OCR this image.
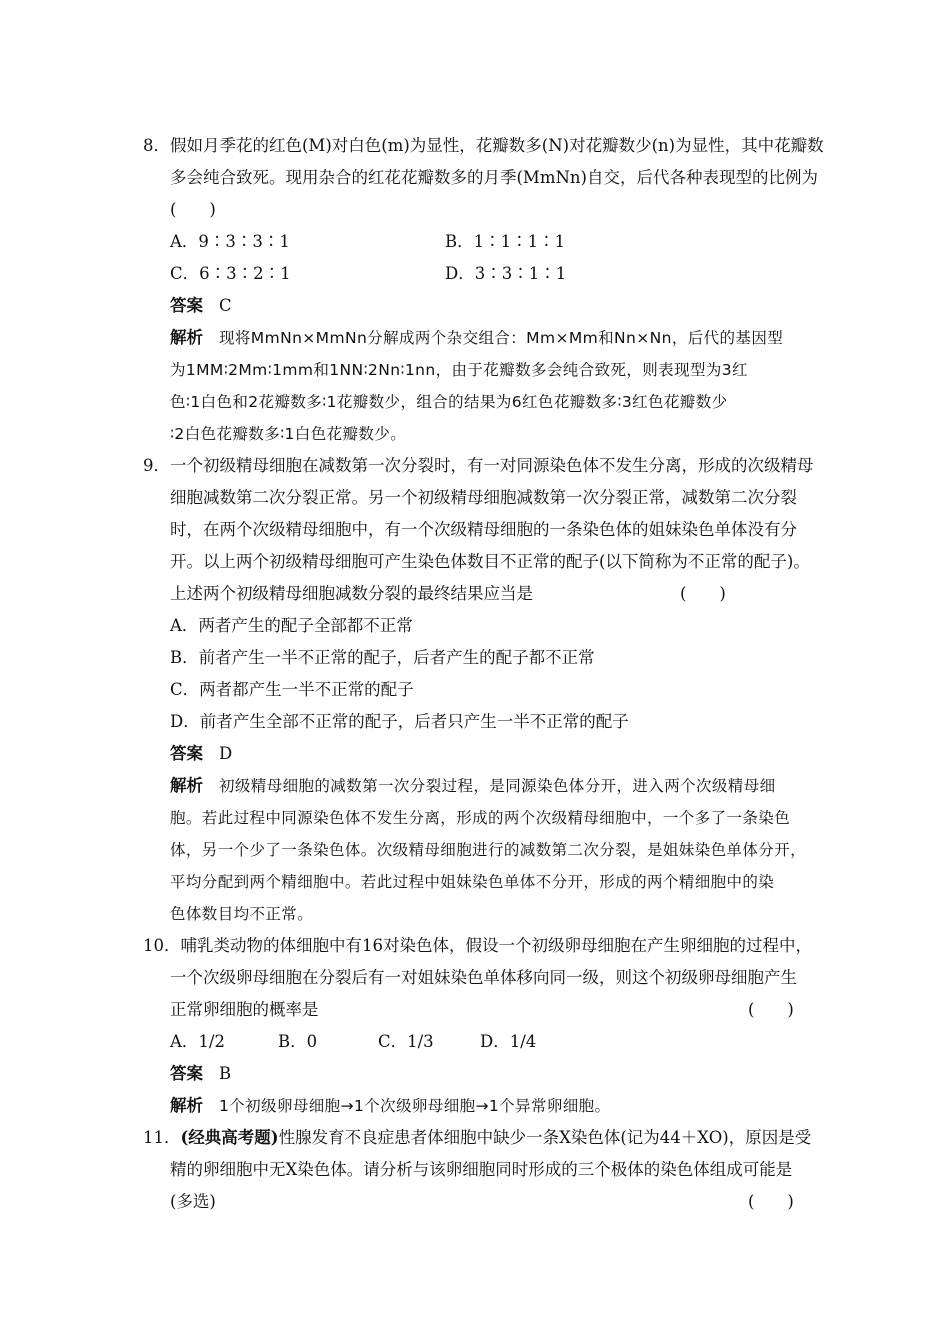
8．假如月季花的红色(M)对白色(m)为显性，花瓣数多(N)对花瓣数少(n)为显性，其中花瓣数
多会纯合致死。现用杂合的红花花瓣数多的月季(MmNn)自交，后代各种表现型的比例为
(　　)
A．9∶3∶3∶1	B．1∶1∶1∶1
C．6∶3∶2∶1	D．3∶3∶1∶1
答案 C
解析 现将MmNn×MmNn分解成两个杂交组合：Mm×Mm和Nn×Nn，后代的基因型
为1MM∶2Mm∶1mm和1NN∶2Nn∶1nn，由于花瓣数多会纯合致死，则表现型为3红
色∶1白色和2花瓣数多∶1花瓣数少，组合的结果为6红色花瓣数多∶3红色花瓣数少
∶2白色花瓣数多∶1白色花瓣数少。
9．一个初级精母细胞在减数第一次分裂时，有一对同源染色体不发生分离，形成的次级精母
细胞减数第二次分裂正常。另一个初级精母细胞减数第一次分裂正常，减数第二次分裂
时，在两个次级精母细胞中，有一个次级精母细胞的一条染色体的姐妹染色单体没有分
开。以上两个初级精母细胞可产生染色体数目不正常的配子(以下简称为不正常的配子)。
上述两个初级精母细胞减数分裂的最终结果应当是	(　　)
A．两者产生的配子全部都不正常
B．前者产生一半不正常的配子，后者产生的配子都不正常
C．两者都产生一半不正常的配子
D．前者产生全部不正常的配子，后者只产生一半不正常的配子
答案 D
解析 初级精母细胞的减数第一次分裂过程，是同源染色体分开，进入两个次级精母细
胞。若此过程中同源染色体不发生分离，形成的两个次级精母细胞中，一个多了一条染色
体，另一个少了一条染色体。次级精母细胞进行的减数第二次分裂，是姐妹染色单体分开，
平均分配到两个精细胞中。若此过程中姐妹染色单体不分开，形成的两个精细胞中的染
色体数目均不正常。
10．哺乳类动物的体细胞中有16对染色体，假设一个初级卵母细胞在产生卵细胞的过程中，
一个次级卵母细胞在分裂后有一对姐妹染色单体移向同一级，则这个初级卵母细胞产生
正常卵细胞的概率是	(　　)
A．1/2	B．0	C．1/3	D．1/4
答案 B
解析 1个初级卵母细胞→1个次级卵母细胞→1个异常卵细胞。
11．(经典高考题)性腺发育不良症患者体细胞中缺少一条X染色体(记为44＋XO)，原因是受
精的卵细胞中无X染色体。请分析与该卵细胞同时形成的三个极体的染色体组成可能是
(多选)	(　　)
